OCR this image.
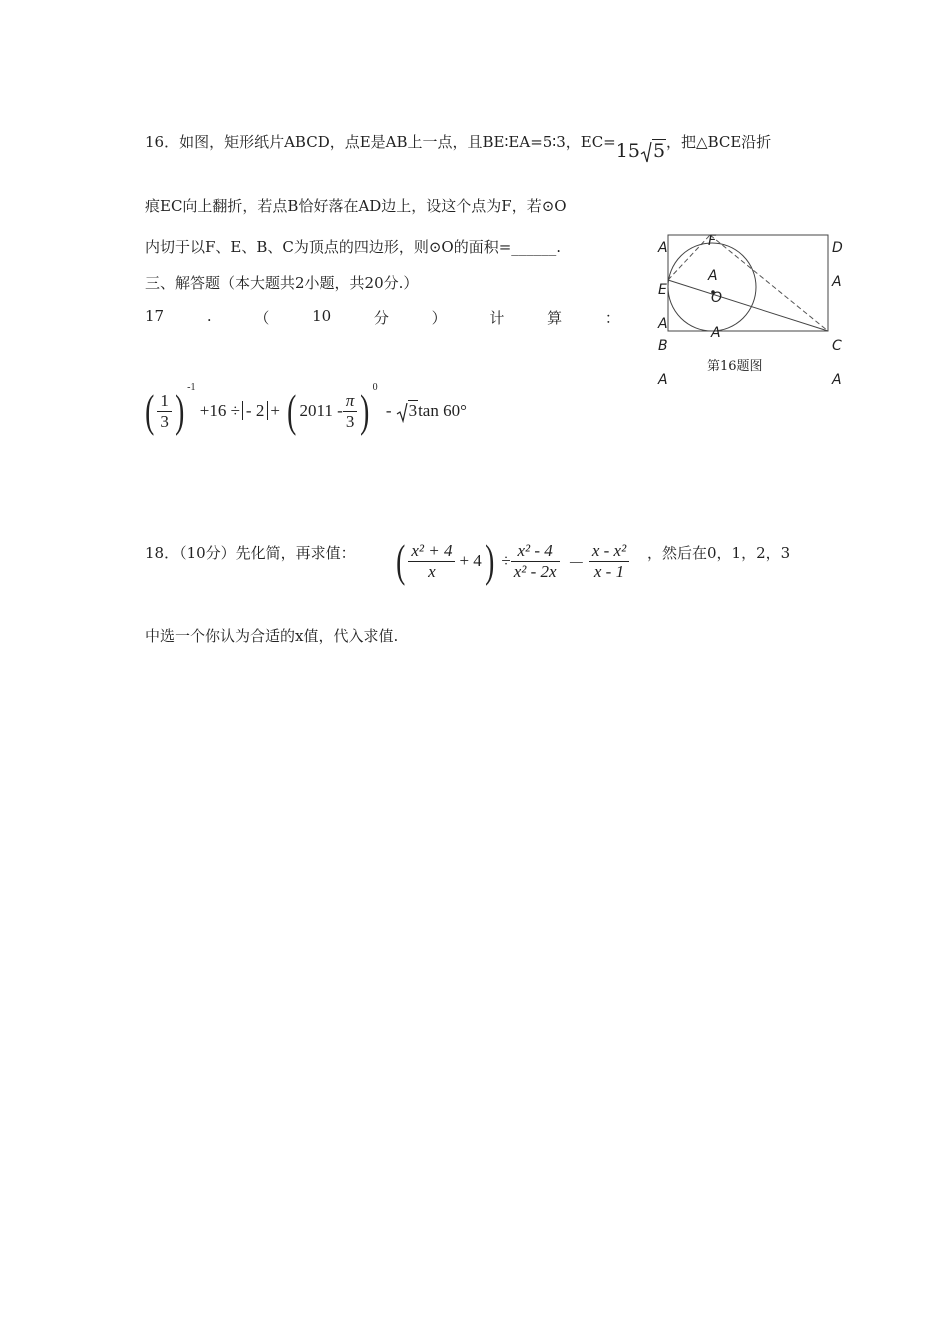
16．如图，矩形纸片ABCD，点E是AB上一点，且BE∶EA=5∶3，EC=15 5，把△BCE沿折
痕EC向上翻折，若点B恰好落在AD边上，设这个点为F，若⊙O
内切于以F、E、B、C为顶点的四边形，则⊙O的面积=______.
三、解答题（本大题共2小题，共20分.）
17	.	（	10	分	）	计	算	：
( $\frac{1}{3}$ ) $^{-1}$ +16 ÷ - 2 + ( $2011 - \frac{\pi}{3}$ ) $^0$ - 3tan 60°
18．（10分）先化简，再求值： ( $\frac{\text{x² + 4}}{x} + 4) \div \frac{\text{x² - 4}}{\text{x² - 2x}} - \frac{\text{x - x²}}{x - 1}$ ，然后在0，1，2，3
中选一个你认为合适的x值，代入求值.
A	F	D
A	A
E	O
A
A
B	C
第16题图
A	A
